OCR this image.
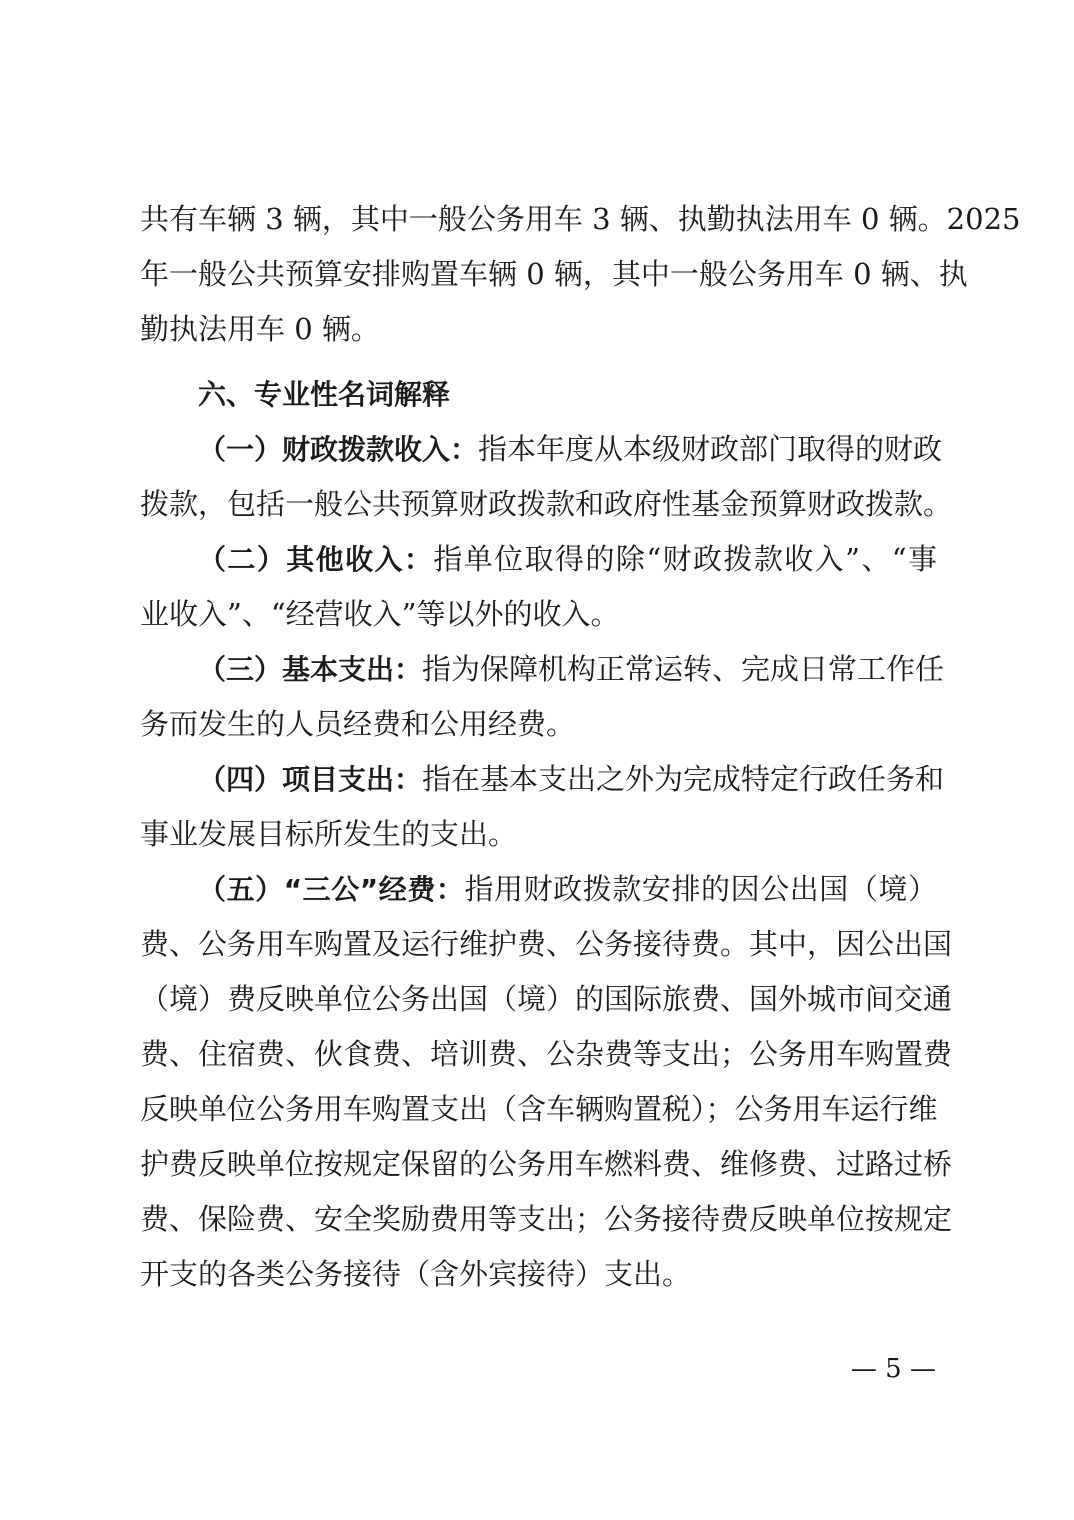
共有车辆 3 辆，其中一般公务用车 3 辆、执勤执法用车 0 辆。2025
年一般公共预算安排购置车辆 0 辆，其中一般公务用车 0 辆、执
勤执法用车 0 辆。
六、专业性名词解释
（一）财政拨款收入：指本年度从本级财政部门取得的财政
拨款，包括一般公共预算财政拨款和政府性基金预算财政拨款。
（二）其他收入：指单位取得的除“财政拨款收入”、“事
业收入”、“经营收入”等以外的收入。
（三）基本支出：指为保障机构正常运转、完成日常工作任
务而发生的人员经费和公用经费。
（四）项目支出：指在基本支出之外为完成特定行政任务和
事业发展目标所发生的支出。
（五）“三公”经费：指用财政拨款安排的因公出国（境）
费、公务用车购置及运行维护费、公务接待费。其中，因公出国
（境）费反映单位公务出国（境）的国际旅费、国外城市间交通
费、住宿费、伙食费、培训费、公杂费等支出；公务用车购置费
反映单位公务用车购置支出（含车辆购置税）；公务用车运行维
护费反映单位按规定保留的公务用车燃料费、维修费、过路过桥
费、保险费、安全奖励费用等支出；公务接待费反映单位按规定
开支的各类公务接待（含外宾接待）支出。
— 5 —
